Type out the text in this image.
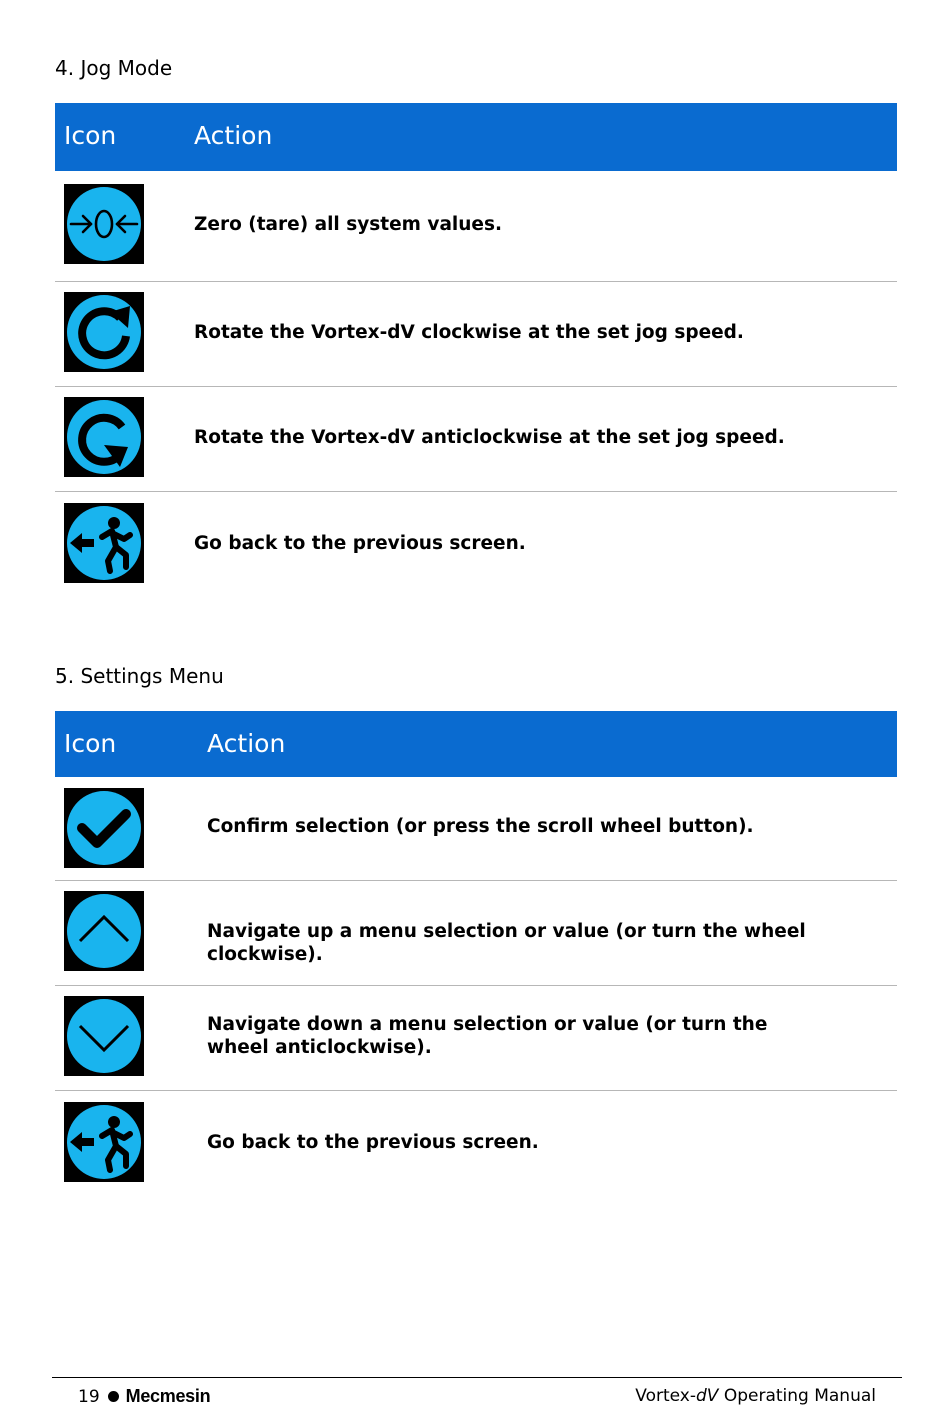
4. Jog Mode
Icon	Action
Zero (tare) all system values.
Rotate the Vortex-dV clockwise at the set jog speed.
Rotate the Vortex-dV anticlockwise at the set jog speed.
Go back to the previous screen.
5. Settings Menu
Icon	Action
Confirm selection (or press the scroll wheel button).
Navigate up a menu selection or value (or turn the wheel clockwise).
Navigate down a menu selection or value (or turn the wheel anticlockwise).
Go back to the previous screen.
19 Mecmesin	Vortex-dV Operating Manual
